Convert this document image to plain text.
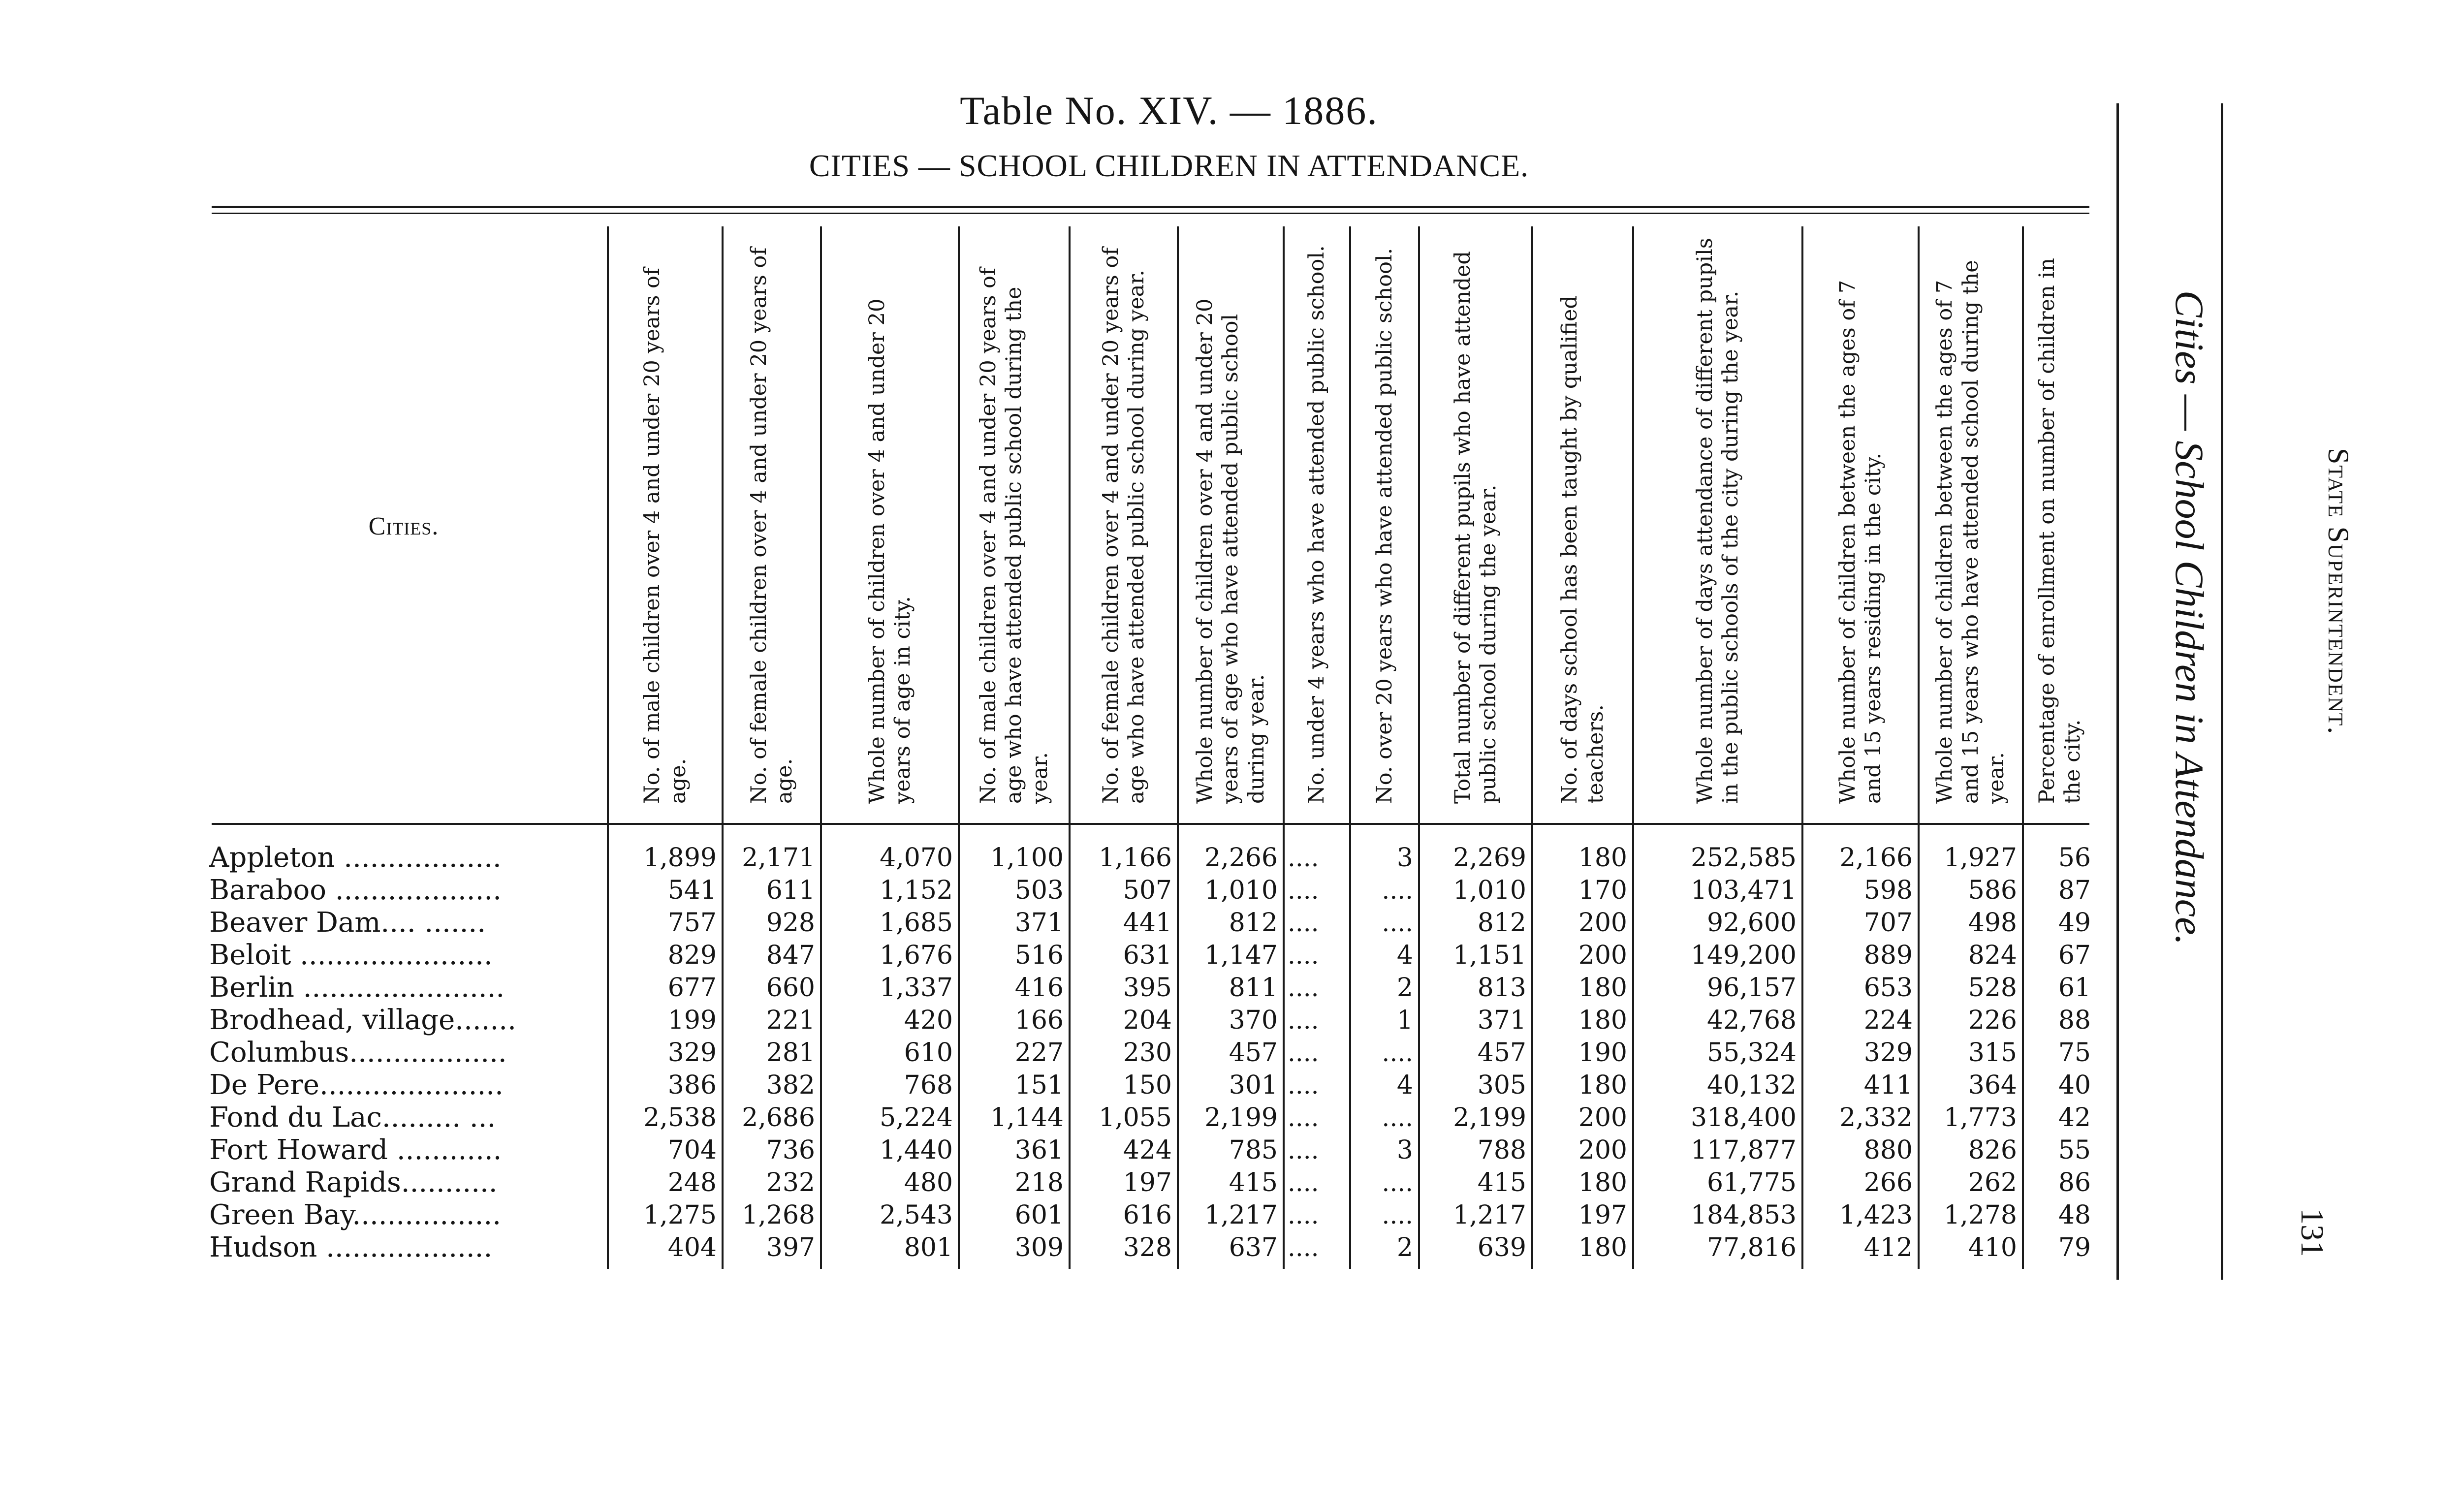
Table No. XIV. — 1886.
CITIES — SCHOOL CHILDREN IN ATTENDANCE.
Cities.	No. of male children over 4 and under 20 years of age.	No. of female children over 4 and under 20 years of age.	Whole number of children over 4 and under 20 years of age in city.	No. of male children over 4 and under 20 years of age who have attended public school during the year.	No. of female children over 4 and under 20 years of age who have attended public school during year.	Whole number of children over 4 and under 20 years of age who have attended public school during year.	No. under 4 years who have attended public school.	No. over 20 years who have attended public school.	Total number of different pupils who have attended public school during the year.	No. of days school has been taught by qualified teachers.	Whole number of days attendance of different pupils in the public schools of the city during the year.	Whole number of children between the ages of 7 and 15 years residing in the city.	Whole number of children between the ages of 7 and 15 years who have attended school during the year.	Percentage of enrollment on number of children in the city.
Appleton ..................	1,899 2,171	4,070	1,100	1,166	2,266 ....	3	2,269	180	252,585	2,166	1,927	56
Baraboo ...................	541	611	1,152	503	507	1,010 ....	....	1,010	170	103,471	598	586	87
Beaver Dam.... .......	757	928	1,685	371	441	812 ....	....	812	200	92,600	707	498	49
Beloit ......................	829	847	1,676	516	631	1,147 ....	4	1,151	200	149,200	889	824	67
Berlin .......................	677	660	1,337	416	395	811 ....	2	813	180	96,157	653	528	61
Brodhead, village.......	199	221	420	166	204	370 ....	1	371	180	42,768	224	226	88
Columbus..................	329	281	610	227	230	457 ....	....	457	190	55,324	329	315	75
De Pere.....................	386	382	768	151	150	301 ....	4	305	180	40,132	411	364	40
Fond du Lac......... ...	2,538 2,686	5,224	1,144	1,055	2,199 ....	....	2,199	200	318,400	2,332	1,773	42
Fort Howard ............	704	736	1,440	361	424	785 ....	3	788	200	117,877	880	826	55
Grand Rapids...........	248	232	480	218	197	415 ....	....	415	180	61,775	266	262	86
Green Bay.................	1,275 1,268	2,543	601	616	1,217 ....	....	1,217	197	184,853	1,423	1,278	48
Hudson ...................	404	397	801	309	328	637 ....	2	639	180	77,816	412	410	79
Cities — School Children in Attendance.	State Superintendent.
131
